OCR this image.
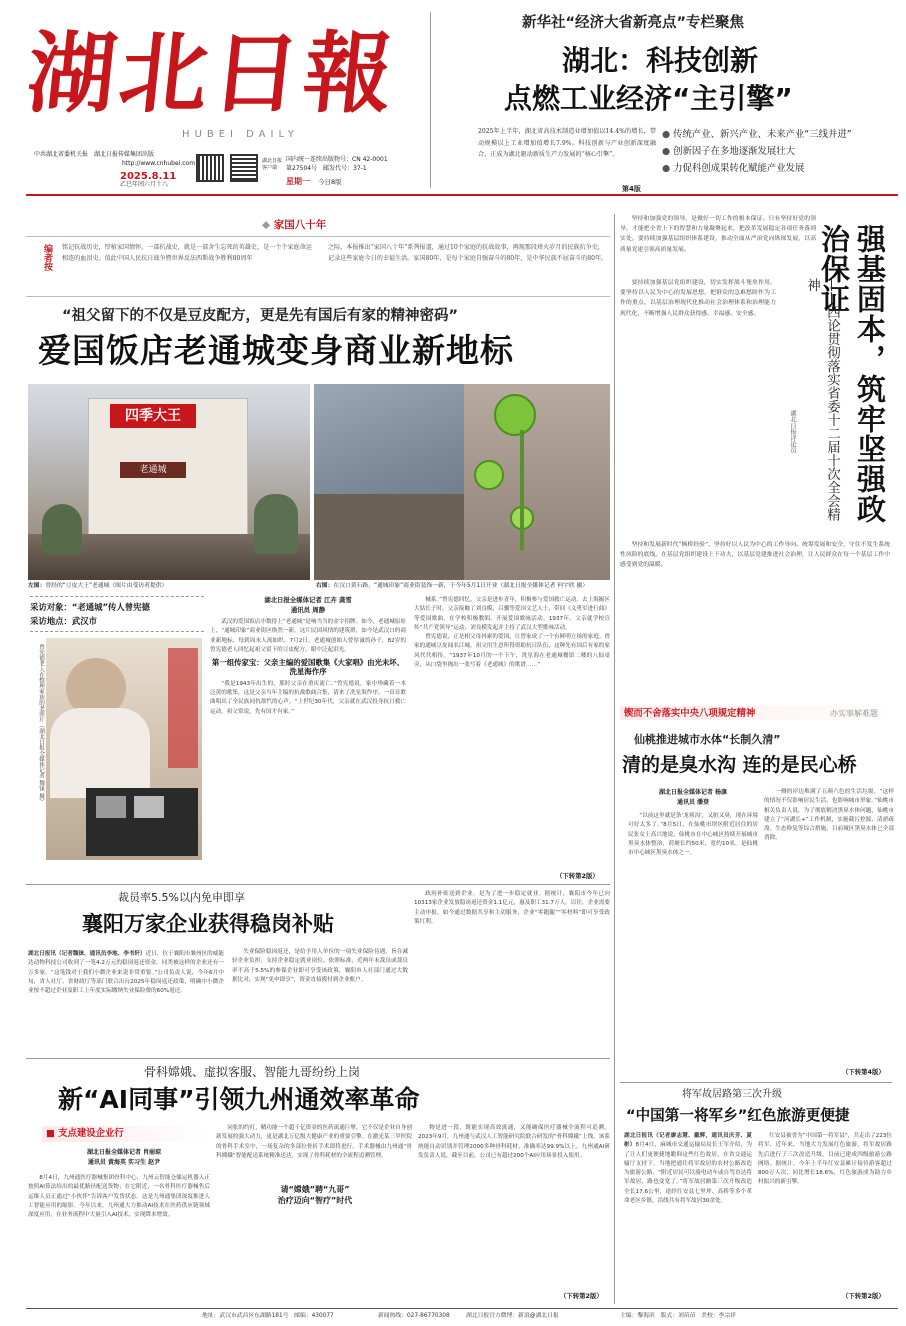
湖北日報
HUBEI DAILY
中共湖北省委机关报　 湖北日报传媒集团出版
http://www.cnhubei.com
2025.8.11
乙巳年闰六月十八
湖北日报客户端
国内统一连续出版物号：CN 42-0001
第27504号　邮发代号：37-1
星期一 今日8版
新华社“经济大省新亮点”专栏聚焦
湖北：科技创新
点燃工业经济“主引擎”
2025年上半年，湖北省高技术制造业增加值以14.4%的增长，带动规模以上工业增加值增长7.9%。科技创新与产业创新深度融合，正成为湖北驱动新质生产力发展的“核心引擎”。
● 传统产业、新兴产业、未来产业“三线并进”
● 创新因子在多地逐渐发展壮大
● 力促科创成果转化赋能产业发展
第4版
◆ 家国八十年
编者按 铭记抗战历史，厚植家国情怀。一部抗战史，就是一部舍生忘死的英雄史，是一个个家庭命运相连的血泪史。值此中国人民抗日战争暨世界反法西斯战争胜利80周年
之际，本报推出“家国八十年”系列报道，通过10个家庭的抗战故事，再现那段烽火岁月的民族抗争史，记录这些家庭今日的幸福生活。家国80年，是每个家庭自强奋斗的80年，是中华民族不屈奋斗的80年。
“祖父留下的不仅是豆皮配方，更是先有国后有家的精神密码”
爱国饭店老通城变身商业新地标
四季大王
老通城
左图：曾经的“豆皮大王”老通城（图片由受访者提供）	右图：在汉口黄石路，“通城印象”商业街装饰一新，于今年5月1日开业（湖北日报全媒体记者 何宇欣 摄）
采访对象：“老通城”传人曾宪德
采访地点：武汉市
曾宪德老人在整理家族的老照片（湖北日报全媒体记者 魏铼 摄）
湖北日报全媒体记者 江卉 龚雪
通讯员 周静

武汉的爱国饭店中数得上“老通城”是响当当的金字招牌。如今，老通城原址上，“通城印象”商业街区焕然一新。这片民国风情的建筑群，如今是武汉口的商业新地标，每到周末人流如织。7月2日，老通城创始人曾厚诚的孙子，82岁的曾宪德老人回忆起祖父留下的豆皮配方，眼中泛起泪光。

第一组传家宝：父亲主编的爱国歌集《大家唱》由光未坏、洗星海作序

“我是1943年出生的，那时父亲在重庆流亡。”曾宪德说，家中珍藏着一本泛黄的歌集，这是父亲当年主编的抗战歌曲合集，请来了冼星海作序，一首首歌曲唱出了全民族同仇敌忾的心声。“上世纪30年代，父亲就在武汉投身抗日救亡运动。祖父常说，先有国才有家。”

械系。”曾宪德回忆，父亲是进步青年，积极参与爱国救亡运动。去上海掘区大姑长子时，父亲接触了刘良模、吕骥等爱国文艺人士，带回《义勇军进行曲》等爱国歌曲，在学校积极教唱，开展爱国歌咏活动。1937年，父亲就学校宣传“共产党领导”运动，刘良模发起并主持了武汉大型歌咏活动。

曾宪德说，正是相父母抖索的爱国，让曾家成了一个有鲜明立场的家庭。曾家的通城豆皮闻名江城，祖父用生意所得资助抗日队伍，这种先有国后有家的家风代代相传。“1937年10月的一个下午，洗星海在老通城餐馆二楼的八仙桌旁，从口袋里掏出一张写着《老通城》的歌谱……”

（下转第2版）
坚持和加强党的领导，是做好一切工作的根本保证。只有坚持好党的领导，才能把全省上下的智慧和力量凝聚起来，把改革发展稳定各项任务落到实处。要持续加强基层组织体系建设，推动全面从严治党向纵深发展，以高质量党建引领高质量发展。
要持续加强基层党组织建设，切实发挥战斗堡垒作用。要坚持以人民为中心的发展思想，把群众的急难愁盼作为工作的重点，以基层治理现代化推动社会治理体系和治理能力现代化，不断增强人民群众获得感、幸福感、安全感。
坚持和发展新时代“枫桥经验”，坚持好以人民为中心的工作导向。统筹发展和安全，守住不发生系统性风险的底线。在基层党组织建设上下功夫，以基层党建推进社会治理，让人民群众在每一个基层工作中感受到党的温暖。
强基固本，筑牢坚强政治保证
——四论贯彻落实省委十二届十次全会精神
湖北日报评论员
锲而不舍落实中央八项规定精神	办实事解难题
仙桃推进城市水体“长制久清”
清的是臭水沟 连的是民心桥
湖北日报全媒体记者 杨康
通讯员 潘登
“以前这里就是条‘龙须沟’，又脏又臭，现在环境可好太多了。”8月5日，在仙桃市坝区附近居住的居民张女士高兴地说。仙桃市在中心城区持续开展城市黑臭水体整治，荷塘长约50米，宽约10米，是仙桃市中心城区黑臭水体之一。
一侧的岸边堆满了五颜六色的生活垃圾。“这样的情况不仅影响居民生活，也影响城市形象。”仙桃市相关负责人说，为了彻底解决黑臭水体问题，仙桃市建立了“河湖长+”工作机制，实施截污控源、清淤疏浚、生态修复等综合措施，目前城区黑臭水体已全部消除。
（下转第4版）
裁员率5.5%以内免申即享
襄阳万家企业获得稳岗补贴

湖北日报讯（记者魏铼、通讯员李地、李书轩）近日，位于襄阳市襄州区的威能达动物科技公司收到了一笔4.2万元的稳岗返还资金，同类被这样的企业还有一万多家。“这笔钱对于我们小微企业来说非常重要。”公司负责人说，今年6月中旬，省人社厅、省财政厅等部门联合出台2025年稳岗返还政策，明确中小微企业按不超过企业及职工上年度实际缴纳失业保险费的60%返还。

失业保险稳岗返还，是给予用人单位的一项失业保险待遇，旨在减轻企业负担，支持企业稳定就业岗位。依照标准，近两年未裁员或裁员率不高于5.5%的参保企业即可享受该政策，襄阳市人社部门通过大数据比对，实现“免申即享”，资金直接拨付到企业账户。
政府补贴送到企业，是为了进一步稳定就业。据统计，襄阳市今年已向10313家企业发放稳岗返还资金1.1亿元，惠及职工31.7万人。以往，企业需要主动申报，如今通过数据共享和主动服务，企业“零跑腿”“零材料”即可享受政策红利。
骨科嫦娥、虚拟客服、智能九哥纷纷上岗
新“AI同事”引领九州通效率革命
■ 支点建设企业行
湖北日报全媒体记者 肖丽琼
通讯员 黄海英 实习生 赵尹
8月4日，九州通医疗器械集团骨科中心，九州云智能仓储运机器人正按照AI算法给出的最优路径配送货物；在它附近，一名骨科医疗器械售后运维人员正通过“小伙伴”告诉客户发货状态。这是九州通集团深度推进人工智能应用的缩影。今年以来，九州通大力推动AI技术在医药供应链领域深度应用，在业务流程中大量引入AI技术，实现降本增效。

同张的约打，精功能一个超千亿资金的医药流通巨擘，它不仅是企业自身创新发展的强大动力，更是湖北万亿级大健康产业的重要引擎。在激光某三甲医院的骨科手术室中，一场复杂的多部位骨折手术即将进行。手术器械由九州通“骨科嫦娥”智能配送系统精准送达，实现了骨科耗材的全流程追溯管理。

请“嫦娥”聘“九哥”
治疗迈向“智疗”时代
物是进一段，既能实现高效流通，又能确保医疗器械全流程可追溯。2023年9月，九州通与武汉人工智能研究院联合研发的“骨科嫦娥”上线，该系统能自动识别并管理2000多种骨科耗材，准确率达99.9%以上。九州通AI研发负责人说，截至目前，公司已有超过200个AI应用场景投入使用。
（下转第2版）
将军故居路第三次升级
“中国第一将军乡”红色旅游更便捷

湖北日报讯（记者廖志慧、戴辉，通讯员庆芳、夏彬）8月4日，麻城市交通运输局局长王军介绍，为了让人们更便捷地瞻仰这些红色故居，在省交通运输厅支持下，当地把通往将军故居的农村公路改造为旅游公路。“附近居民可以骑电动车或自驾直达将军故居，路也变宽了。”将军故居路第三次升级改造全长17.6公里，途经红安县七里坪、高桥等多个革命老区乡镇，沿线共有将军故居30余处。

红安县被誉为“中国第一将军县”，共走出了223位将军。近年来，当地大力发展红色旅游，将军故居路先后进行了三次改造升级，目前已建成四级旅游公路网络。据统计，今年上半年红安县累计接待游客超过800万人次，同比增长18.6%，红色旅游成为助力乡村振兴的新引擎。
（下转第2版）
地址：武汉市武昌区东湖路181号　邮编：430077	新闻热线：027-86770308	湖北日报官方微博：新浪@湖北日报	主编：黎海滨　版式：刘苗苗　美校：李宗祥
